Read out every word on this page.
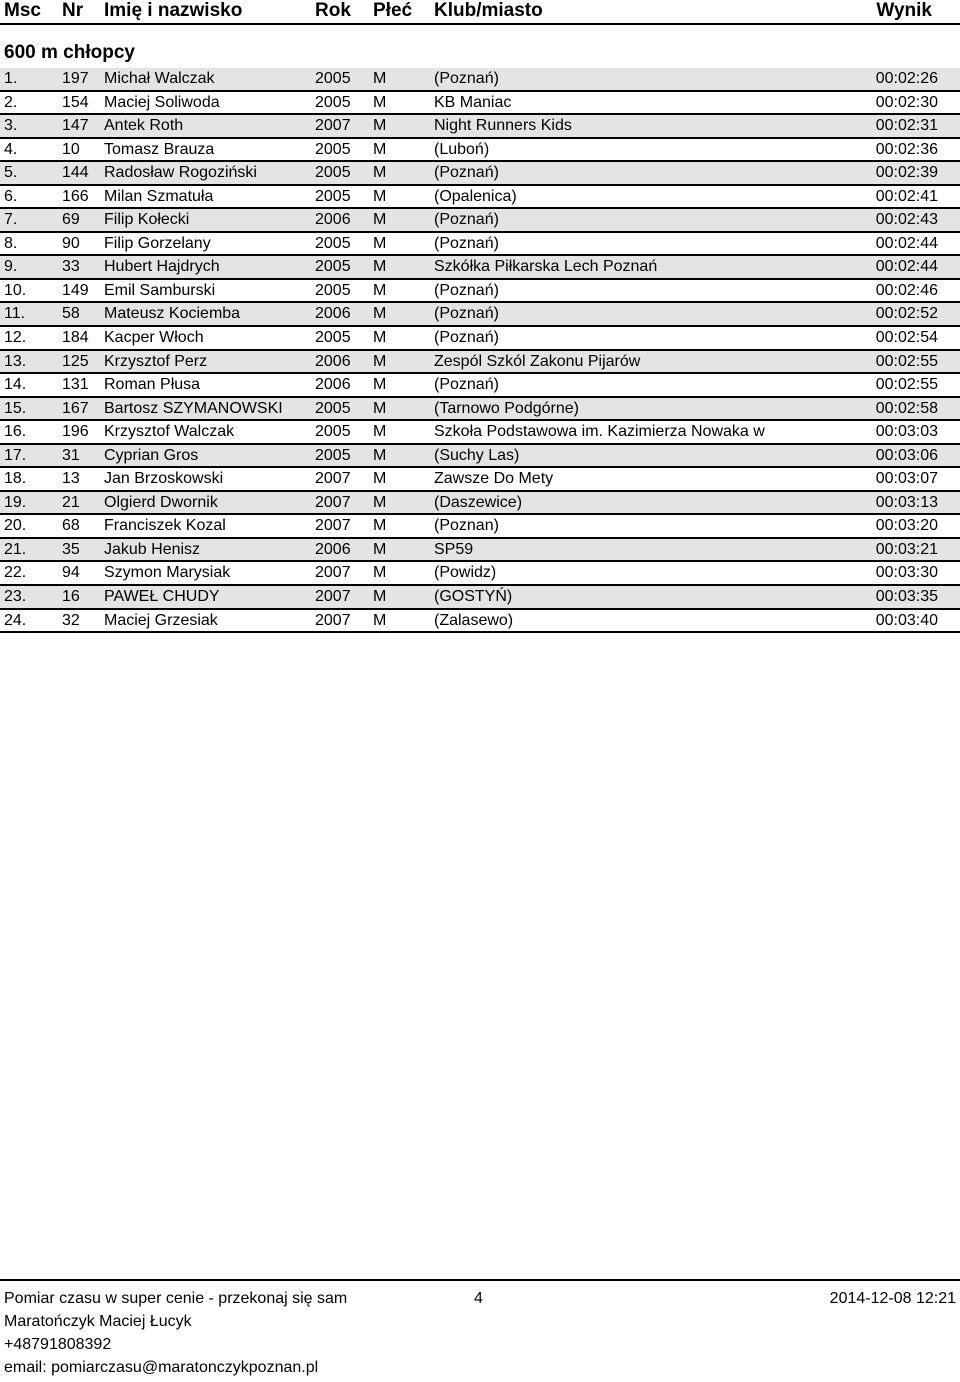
Msc Nr Imię i nazwisko	Rok Płeć Klub/miasto	Wynik
600 m chłopcy
1.	197 Michał Walczak	2005 M	(Poznań)	00:02:26
2.	154 Maciej Soliwoda	2005 M	KB Maniac	00:02:30
3.	147 Antek Roth	2007 M	Night Runners Kids	00:02:31
4.	10 Tomasz Brauza	2005 M	(Luboń)	00:02:36
5.	144 Radosław Rogoziński	2005 M	(Poznań)	00:02:39
6.	166 Milan Szmatuła	2005 M	(Opalenica)	00:02:41
7.	69 Filip Kołecki	2006 M	(Poznań)	00:02:43
8.	90 Filip Gorzelany	2005 M	(Poznań)	00:02:44
9.	33 Hubert Hajdrych	2005 M	Szkółka Piłkarska Lech Poznań	00:02:44
10. 149 Emil Samburski	2005 M	(Poznań)	00:02:46
11. 58 Mateusz Kociemba	2006 M	(Poznań)	00:02:52
12. 184 Kacper Włoch	2005 M	(Poznań)	00:02:54
13. 125 Krzysztof Perz	2006 M	Zespól Szkól Zakonu Pijarów	00:02:55
14. 131 Roman Płusa	2006 M	(Poznań)	00:02:55
15. 167 Bartosz SZYMANOWSKI 2005 M	(Tarnowo Podgórne)	00:02:58
16. 196 Krzysztof Walczak	2005 M	Szkoła Podstawowa im. Kazimierza Nowaka w	00:03:03
17. 31 Cyprian Gros	2005 M	(Suchy Las)	00:03:06
18. 13 Jan Brzoskowski	2007 M	Zawsze Do Mety	00:03:07
19. 21 Olgierd Dwornik	2007 M	(Daszewice)	00:03:13
20. 68 Franciszek Kozal	2007 M	(Poznan)	00:03:20
21. 35 Jakub Henisz	2006 M	SP59	00:03:21
22. 94 Szymon Marysiak	2007 M	(Powidz)	00:03:30
23. 16 PAWEŁ CHUDY	2007 M	(GOSTYŃ)	00:03:35
24. 32 Maciej Grzesiak	2007 M	(Zalasewo)	00:03:40
Pomiar czasu w super cenie - przekonaj się sam
Maratończyk Maciej Łucyk
+48791808392
email: pomiarczasu@maratonczykpoznan.pl
4	2014-12-08 12:21
